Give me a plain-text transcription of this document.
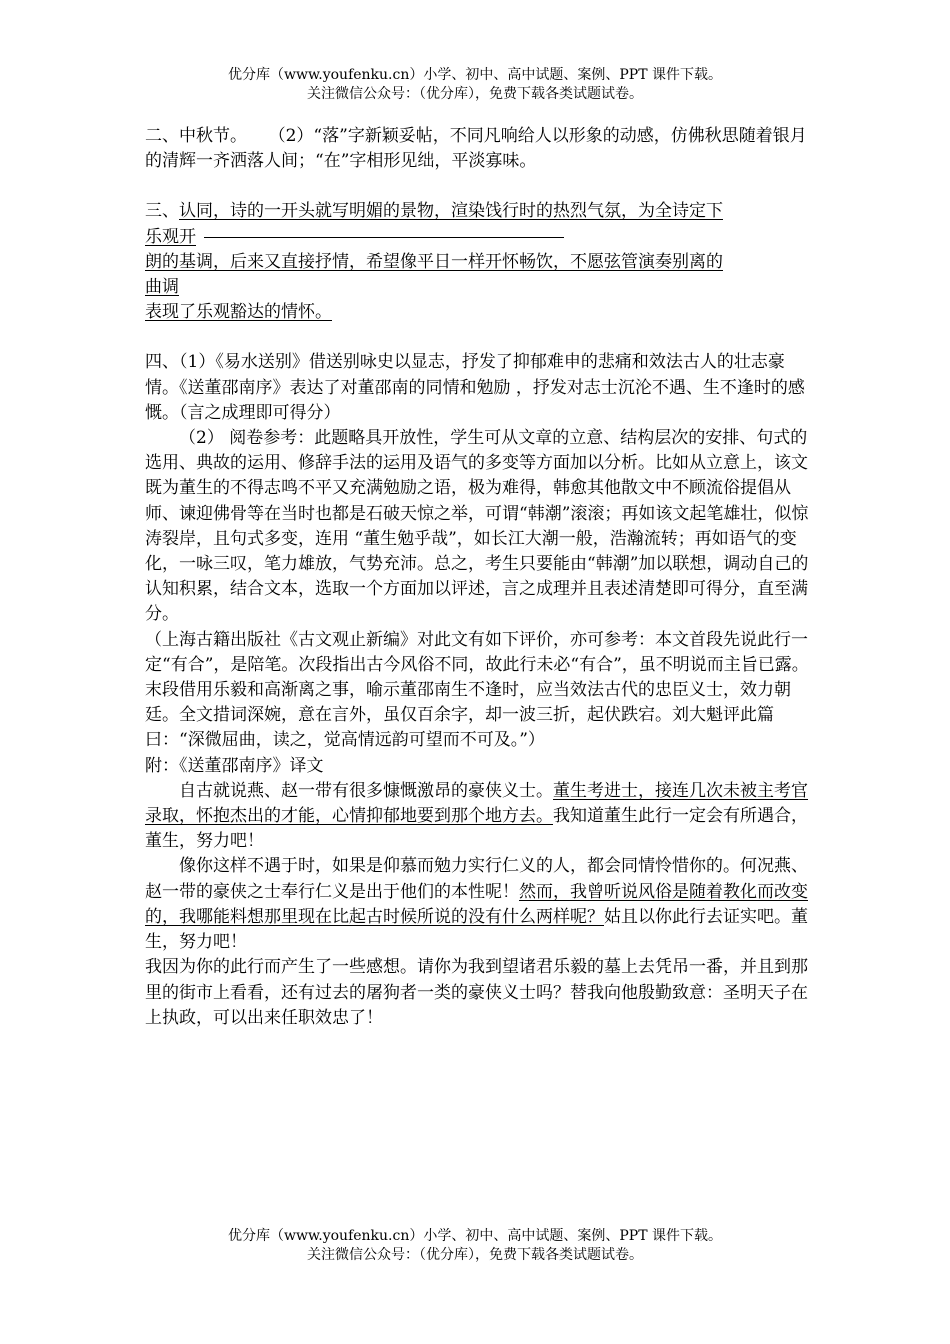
优分库（www.youfenku.cn）小学、初中、高中试题、案例、PPT 课件下载。
关注微信公众号：（优分库），免费下载各类试题试卷。

二、中秋节。    （2）“落”字新颖妥帖，不同凡响给人以形象的动感，仿佛秋思随着银月的清辉一齐洒落人间；“在”字相形见绌，平淡寡味。

三、认同，诗的一开头就写明媚的景物，渲染饯行时的热烈气氛，为全诗定下
乐观开
朗的基调，后来又直接抒情，希望像平日一样开怀畅饮，不愿弦管演奏别离的
曲调
表现了乐观豁达的情怀。

四、（1）《易水送别》借送别咏史以显志，抒发了抑郁难申的悲痛和效法古人的壮志豪情。《送董邵南序》表达了对董邵南的同情和勉励 ，抒发对志士沉沦不遇、生不逢时的感慨。（言之成理即可得分）

（2） 阅卷参考：此题略具开放性，学生可从文章的立意、结构层次的安排、句式的选用、典故的运用、修辞手法的运用及语气的多变等方面加以分析。比如从立意上，该文既为董生的不得志鸣不平又充满勉励之语，极为难得，韩愈其他散文中不顾流俗提倡从师、谏迎佛骨等在当时也都是石破天惊之举，可谓“韩潮”滚滚；再如该文起笔雄壮，似惊涛裂岸，且句式多变，连用 “董生勉乎哉”，如长江大潮一般，浩瀚流转；再如语气的变化，一咏三叹，笔力雄放，气势充沛。总之，考生只要能由“韩潮”加以联想，调动自己的认知积累，结合文本，选取一个方面加以评述，言之成理并且表述清楚即可得分，直至满分。

（上海古籍出版社《古文观止新编》对此文有如下评价，亦可参考：本文首段先说此行一定“有合”，是陪笔。次段指出古今风俗不同，故此行未必“有合”，虽不明说而主旨已露。末段借用乐毅和高渐离之事，喻示董邵南生不逢时，应当效法古代的忠臣义士，效力朝廷。全文措词深婉，意在言外，虽仅百余字，却一波三折，起伏跌宕。刘大魁评此篇曰：“深微屈曲，读之，觉高情远韵可望而不可及。”）

附：《送董邵南序》译文

自古就说燕、赵一带有很多慷慨激昂的豪侠义士。董生考进士，接连几次未被主考官录取，怀抱杰出的才能，心情抑郁地要到那个地方去。我知道董生此行一定会有所遇合，董生，努力吧！

像你这样不遇于时，如果是仰慕而勉力实行仁义的人，都会同情怜惜你的。何况燕、赵一带的豪侠之士奉行仁义是出于他们的本性呢！然而，我曾听说风俗是随着教化而改变的，我哪能料想那里现在比起古时候所说的没有什么两样呢？姑且以你此行去证实吧。董生，努力吧！

我因为你的此行而产生了一些感想。请你为我到望诸君乐毅的墓上去凭吊一番，并且到那里的街市上看看，还有过去的屠狗者一类的豪侠义士吗？替我向他殷勤致意：圣明天子在上执政，可以出来任职效忠了！

优分库（www.youfenku.cn）小学、初中、高中试题、案例、PPT 课件下载。
关注微信公众号：（优分库），免费下载各类试题试卷。
